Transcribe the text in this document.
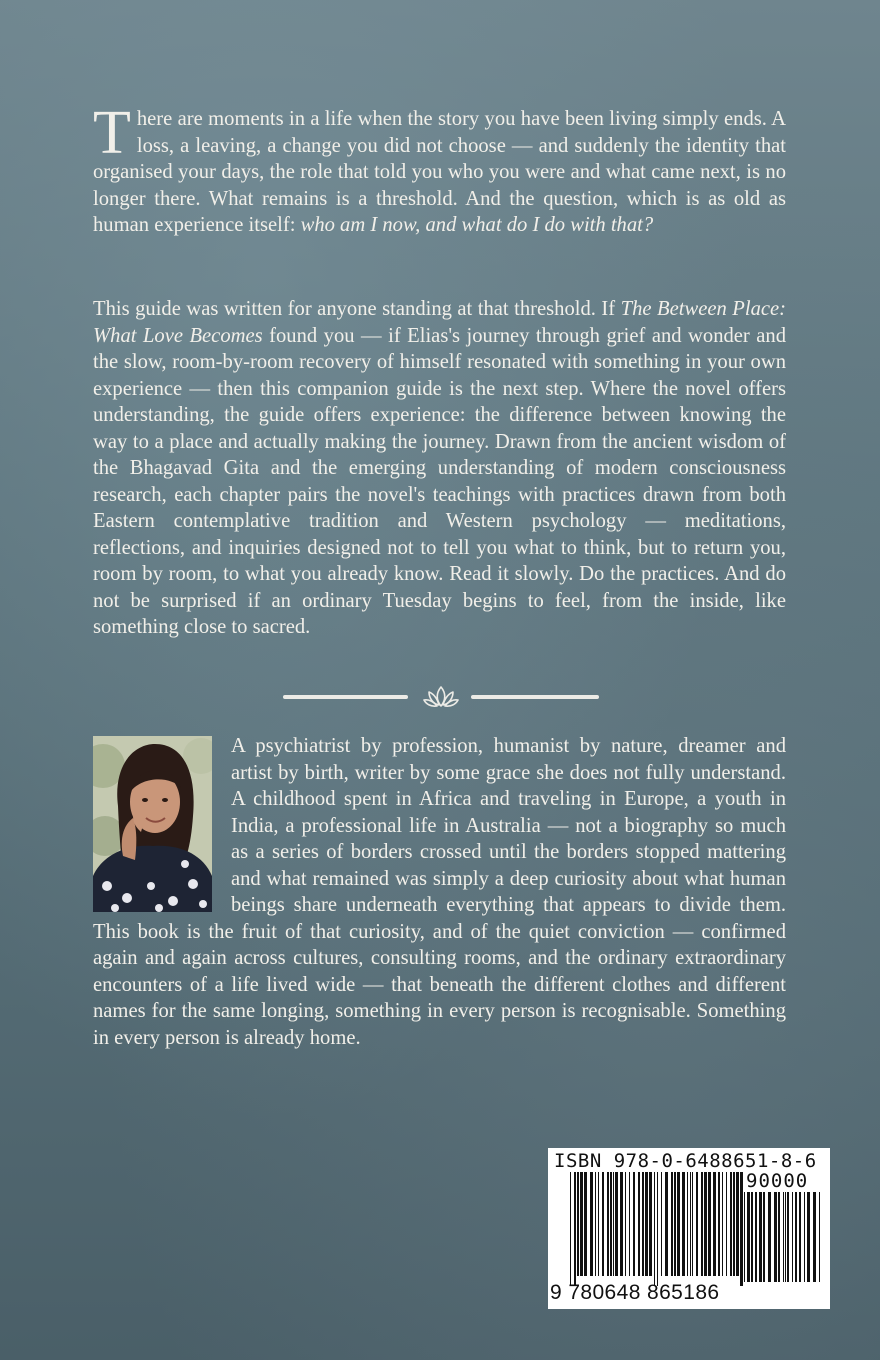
There are moments in a life when the story you have been living simply ends. A loss, a leaving, a change you did not choose — and suddenly the identity that organised your days, the role that told you who you were and what came next, is no longer there. What remains is a threshold. And the question, which is as old as human experience itself: who am I now, and what do I do with that?
This guide was written for anyone standing at that threshold. If The Between Place: What Love Becomes found you — if Elias's journey through grief and wonder and the slow, room-by-room recovery of himself resonated with something in your own experience — then this companion guide is the next step. Where the novel offers understanding, the guide offers experience: the difference between knowing the way to a place and actually making the journey. Drawn from the ancient wisdom of the Bhagavad Gita and the emerging understanding of modern consciousness research, each chapter pairs the novel's teachings with practices drawn from both Eastern contemplative tradition and Western psychology — meditations, reflections, and inquiries designed not to tell you what to think, but to return you, room by room, to what you already know. Read it slowly. Do the practices. And do not be surprised if an ordinary Tuesday begins to feel, from the inside, like something close to sacred.
A psychiatrist by profession, humanist by nature, dreamer and artist by birth, writer by some grace she does not fully understand. A childhood spent in Africa and traveling in Europe, a youth in India, a professional life in Australia — not a biography so much as a series of borders crossed until the borders stopped mattering and what remained was simply a deep curiosity about what human beings share underneath everything that appears to divide them. This book is the fruit of that curiosity, and of the quiet conviction — confirmed again and again across cultures, consulting rooms, and the ordinary extraordinary encounters of a life lived wide — that beneath the different clothes and different names for the same longing, something in every person is recognisable. Something in every person is already home.
ISBN 978-0-6488651-8-6
90000
9 780648 865186
